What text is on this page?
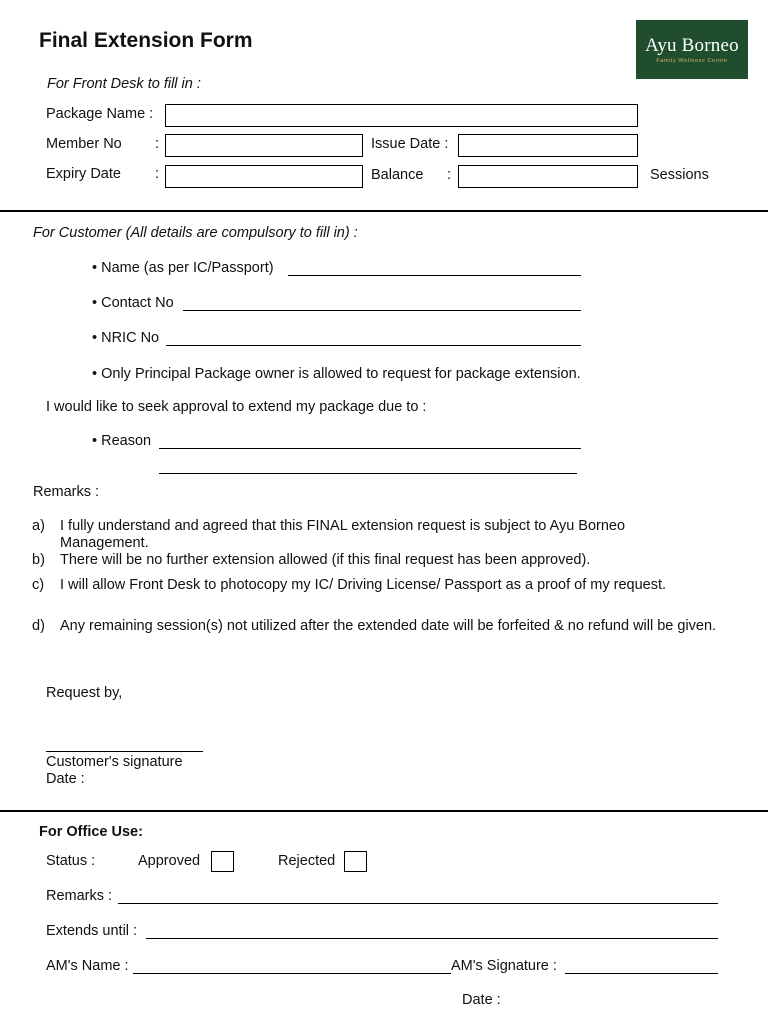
Final Extension Form	Ayu Borneo
Family Wellness Centre
For Front Desk to fill in :
Package Name :
Member No :	Issue Date :
Expiry Date :	Balance :	Sessions
For Customer (All details are compulsory to fill in) :
• Name (as per IC/Passport)
• Contact No
• NRIC No
• Only Principal Package owner is allowed to request for package extension.
I would like to seek approval to extend my package due to :
• Reason
Remarks :
a) I fully understand and agreed that this FINAL extension request is subject to Ayu Borneo Management.
b) There will be no further extension allowed (if this final request has been approved).
c) I will allow Front Desk to photocopy my IC/ Driving License/ Passport as a proof of my request.
d) Any remaining session(s) not utilized after the extended date will be forfeited & no refund will be given.
Request by,
Customer's signature
Date :
For Office Use:
Status :	Approved	Rejected
Remarks :
Extends until :
AM's Name :	AM's Signature :
Date :
